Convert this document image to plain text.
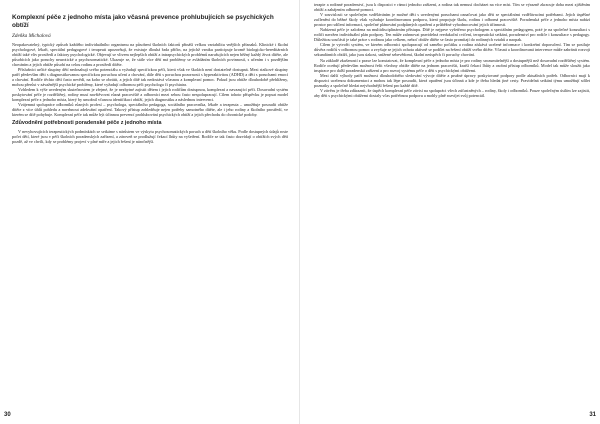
Komplexní péče z jednoho místa jako včasná prevence prohlubujících se psychických obtíží
Zdeňka Michalová

Neopakovatelný, typický způsob každého individuálního organismu na působení školních faktorů přináší velkou variabilitu vnějších příznaků. Klinické i školní psychologové, lékaři, speciální pedagogové i terapeuti upozorňují, že existuje dlouhá řada příčin, na jejichž vzniku participuje kromě biologicko-hereditárních obtíží také vliv prostředí a faktory psychologické. Objevují se vlivem nejlepších obtíží a intrapsychických problémů narušujících nejen běžný každý život dítěte, ale působících jako poruchy neurotické a psychosomatické. Ukazuje se, že stále více dětí má problémy se zvládáním školních povinností, s učením i s pozdějším chováním a jejich obtíže působí na celou rodinu a prostředí dítěte.

Příslušníci určité skupiny dětí nedosahují svého potenciálu a vyžadují specifickou péči, která však ve školách není dostatečně dostupná. Mezi rizikové skupiny patří především děti s diagnostikovanou specifickou poruchou učení a chování, dále děti s poruchou pozornosti s hyperaktivitou (ADHD) a děti s poruchami emocí a chování. Rodiče těchto dětí často nevědí, na koho se obrátit, a jejich dítě tak nedostává včasnou a komplexní pomoc. Pokud jsou obtíže dlouhodobě přehlíženy, mohou přerůst v závažnější psychické problémy, které vyžadují odbornou péči psychologa či psychiatra.

Vzhledem k výše uvedeným skutečnostem je zřejmé, že je nezbytné zajistit dětem i jejich rodičům dostupnou, komplexní a navazující péči. Dosavadní systém poskytování péče je roztříštěný, rodiny musí navštěvovat různá pracoviště a odborníci mezi sebou často nespolupracují. Cílem tohoto příspěvku je popsat model komplexní péče z jednoho místa, který by umožnil včasnou identifikaci obtíží, jejich diagnostiku a následnou intervenci.

Vzájemná spolupráce odborníků různých profesí – psychologa, speciálního pedagoga, sociálního pracovníka, lékaře a terapeuta – umožňuje posoudit obtíže dítěte z více úhlů pohledu a navrhnout adekvátní opatření. Takový přístup zohledňuje nejen potřeby samotného dítěte, ale i jeho rodiny a školního prostředí, ve kterém se dítě pohybuje. Komplexní péče tak může být účinnou prevencí prohlubování psychických obtíží a jejich přechodu do chronické podoby.

Zdůvodnění potřebnosti poradenské péče z jednoho místa

V nevyhovujících terapeutických podmínkách se setkáme s nárůstem ve výskytu psychosomatických poruch u dětí školního věku. Podle dostupných údajů roste počet dětí, které jsou v péči školních poradenských zařízení, a zároveň se prodlužují čekací lhůty na vyšetření. Rodiče se tak často dozvídají o obtížích svých dětí pozdě, až ve chvíli, kdy se problémy projeví v plné míře a jejich řešení je náročnější.

30

terapie a rodinné poradenství, jsou k dispozici v rámci jednoho zařízení, a rodina tak nemusí docházet na více míst. Tím se výrazně zkracuje doba mezi zjištěním obtíží a zahájením odborné pomoci.

V souvislosti se společným vzděláváním je možné děti s uvedenými poruchami označovat jako děti se speciálními vzdělávacími potřebami. Jejich úspěšné začlenění do běžné školy však vyžaduje koordinovanou podporu, která propojuje školu, rodinu i odborná pracoviště. Poradenská péče z jednoho místa nabízí prostor pro sdílení informací, společné plánování podpůrných opatření a průběžné vyhodnocování jejich účinnosti.

Nabízená péče je založena na multidisciplinárním přístupu. Dítě je nejprve vyšetřeno psychologem a speciálním pedagogem, poté je na společné konzultaci s rodiči navržen individuální plán podpory. Ten může zahrnovat pravidelná reedukační cvičení, terapeutická setkání, poradenství pro rodiče i konzultace s pedagogy. Důležitou součástí je také práce s rodinou jako celkem, neboť obtíže dítěte se často promítají do rodinných vztahů a naopak.

Cílem je vytvořit systém, ve kterém odborníci spolupracují od samého počátku a rodina získává ucelené informace i konkrétní doporučení. Tím se posiluje důvěra rodičů v odbornou pomoc a zvyšuje se jejich ochota aktivně se podílet na řešení obtíží svého dítěte. Včasná a koordinovaná intervence může zabránit rozvoji sekundárních obtíží, jako jsou úzkost, snížené sebevědomí, školní neúspěch či poruchy chování.

Na základě zkušeností z praxe lze konstatovat, že komplexní péče z jednoho místa je pro rodiny srozumitelnější a dostupnější než dosavadní roztříštěný systém. Rodiče oceňují především možnost řešit všechny obtíže dítěte na jednom pracovišti, kratší čekací lhůty a osobní přístup odborníků. Model tak může sloužit jako inspirace pro další poradenská zařízení a pro rozvoj systému péče o děti s psychickými obtížemi.

Mezi další výhody patří možnost dlouhodobého sledování vývoje dítěte a pružné úpravy poskytované podpory podle aktuálních potřeb. Odborníci mají k dispozici ucelenou dokumentaci a mohou tak lépe posoudit, která opatření jsou účinná a kde je třeba hledat jiné cesty. Pravidelná setkání týmu umožňují sdílet poznatky a společně hledat nejvhodnější řešení pro každé dítě.

V závěru je třeba zdůraznit, že úspěch komplexní péče závisí na spolupráci všech zúčastněných – rodiny, školy i odborníků. Pouze společným úsilím lze zajistit, aby děti s psychickými obtížemi dostaly včas potřebnou podporu a mohly plně rozvíjet svůj potenciál.

31
